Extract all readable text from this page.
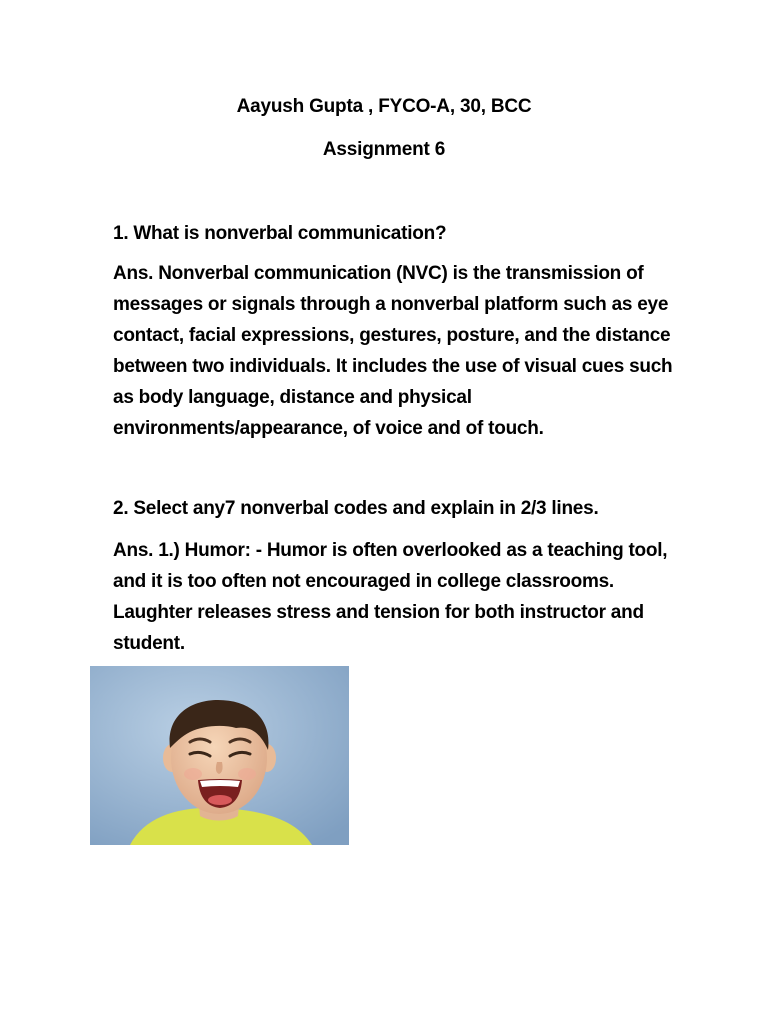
Aayush Gupta , FYCO-A, 30, BCC
Assignment 6
1. What is nonverbal communication?
Ans. Nonverbal communication (NVC) is the transmission of messages or signals through a nonverbal platform such as eye contact, facial expressions, gestures, posture, and the distance between two individuals. It includes the use of visual cues such as body language, distance and physical environments/appearance, of voice and of touch.
2. Select any7 nonverbal codes and explain in 2/3 lines.
Ans. 1.) Humor: - Humor is often overlooked as a teaching tool, and it is too often not encouraged in college classrooms. Laughter releases stress and tension for both instructor and student.
